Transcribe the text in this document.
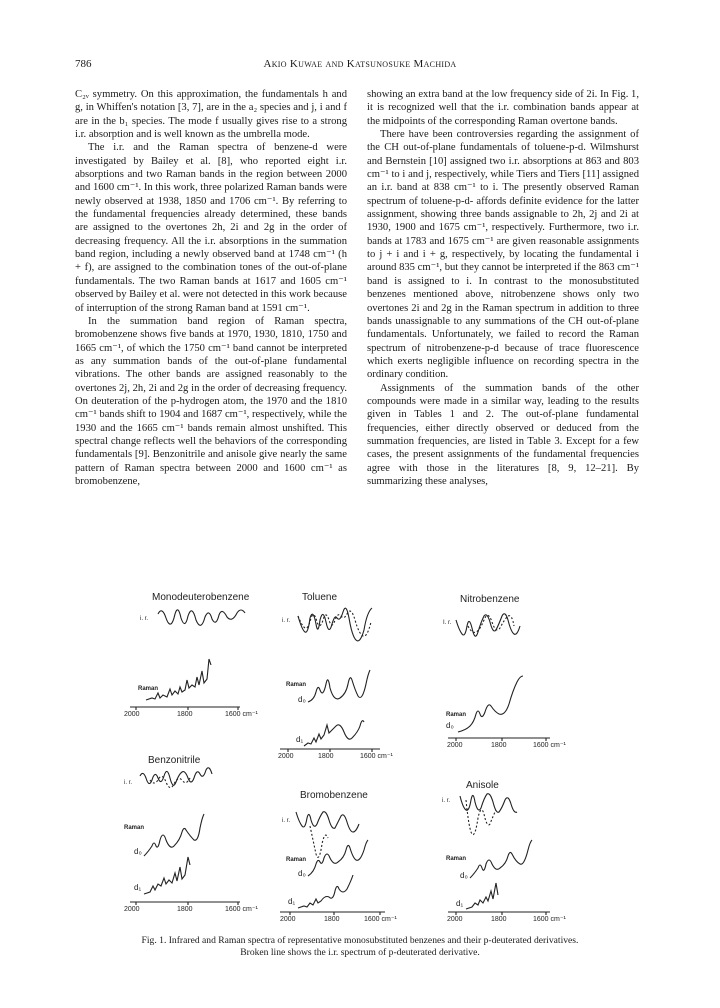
786	Akio Kuwae and Katsunosuke Machida

C₂ᵥ symmetry. On this approximation, the fundamentals h and g, in Whiffen's notation [3, 7], are in the a₂ species and j, i and f are in the b₁ species. The mode f usually gives rise to a strong i.r. absorption and is well known as the umbrella mode.

The i.r. and the Raman spectra of benzene-d were investigated by Bailey et al. [8], who reported eight i.r. absorptions and two Raman bands in the region between 2000 and 1600 cm⁻¹. In this work, three polarized Raman bands were newly observed at 1938, 1850 and 1706 cm⁻¹. By referring to the fundamental frequencies already determined, these bands are assigned to the overtones 2h, 2i and 2g in the order of decreasing frequency. All the i.r. absorptions in the summation band region, including a newly observed band at 1748 cm⁻¹ (h + f), are assigned to the combination tones of the out-of-plane fundamentals. The two Raman bands at 1617 and 1605 cm⁻¹ observed by Bailey et al. were not detected in this work because of interruption of the strong Raman band at 1591 cm⁻¹.

In the summation band region of Raman spectra, bromobenzene shows five bands at 1970, 1930, 1810, 1750 and 1665 cm⁻¹, of which the 1750 cm⁻¹ band cannot be interpreted as any summation bands of the out-of-plane fundamental vibrations. The other bands are assigned reasonably to the overtones 2j, 2h, 2i and 2g in the order of decreasing frequency. On deuteration of the p-hydrogen atom, the 1970 and the 1810 cm⁻¹ bands shift to 1904 and 1687 cm⁻¹, respectively, while the 1930 and the 1665 cm⁻¹ bands remain almost unshifted. This spectral change reflects well the behaviors of the corresponding fundamentals [9]. Benzonitrile and anisole give nearly the same pattern of Raman spectra between 2000 and 1600 cm⁻¹ as bromobenzene,

showing an extra band at the low frequency side of 2i. In Fig. 1, it is recognized well that the i.r. combination bands appear at the midpoints of the corresponding Raman overtone bands.

There have been controversies regarding the assignment of the CH out-of-plane fundamentals of toluene-p-d. Wilmshurst and Bernstein [10] assigned two i.r. absorptions at 863 and 803 cm⁻¹ to i and j, respectively, while Tiers and Tiers [11] assigned an i.r. band at 838 cm⁻¹ to i. The presently observed Raman spectrum of toluene-p-d- affords definite evidence for the latter assignment, showing three bands assignable to 2h, 2j and 2i at 1930, 1900 and 1675 cm⁻¹, respectively. Furthermore, two i.r. bands at 1783 and 1675 cm⁻¹ are given reasonable assignments to j + i and i + g, respectively, by locating the fundamental i around 835 cm⁻¹, but they cannot be interpreted if the 863 cm⁻¹ band is assigned to i. In contrast to the monosubstituted benzenes mentioned above, nitrobenzene shows only two overtones 2i and 2g in the Raman spectrum in addition to three bands unassignable to any summations of the CH out-of-plane fundamentals. Unfortunately, we failed to record the Raman spectrum of nitrobenzene-p-d because of trace fluorescence which exerts negligible influence on recording spectra in the ordinary condition.

Assignments of the summation bands of the other compounds were made in a similar way, leading to the results given in Tables 1 and 2. The out-of-plane fundamental frequencies, either directly observed or deduced from the summation frequencies, are listed in Table 3. Except for a few cases, the present assignments of the fundamental frequencies agree with those in the literatures [8, 9, 12–21]. By summarizing these analyses,

Monodeuterobenzene
i. r.
Raman
2000	1800	1600 cm⁻¹
Toluene
i. r.
Raman
d₀
d₁
2000	1800	1600 cm⁻¹
Nitrobenzene
I. r.
Raman
d₀
2000	1800	1600 cm⁻¹
Benzonitrile
i. r.
Raman
d₀
d₁
2000	1800	1600 cm⁻¹
Bromobenzene
i. r.
Raman
d₀
d₁
2000	1800	1600 cm⁻¹
Anisole
i. r.
Raman
d₀
d₁
2000	1800	1600 cm⁻¹
Fig. 1. Infrared and Raman spectra of representative monosubstituted benzenes and their p-deuterated derivatives. Broken line shows the i.r. spectrum of p-deuterated derivative.
